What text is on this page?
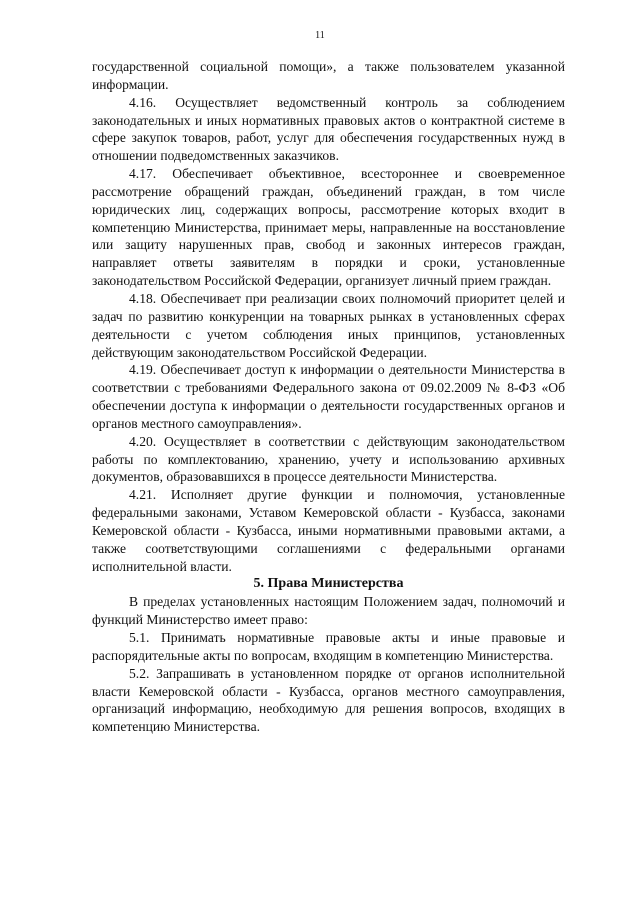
11

государственной социальной помощи», а также пользователем указанной информации.

4.16. Осуществляет ведомственный контроль за соблюдением законодательных и иных нормативных правовых актов о контрактной системе в сфере закупок товаров, работ, услуг для обеспечения государственных нужд в отношении подведомственных заказчиков.

4.17. Обеспечивает объективное, всестороннее и своевременное рассмотрение обращений граждан, объединений граждан, в том числе юридических лиц, содержащих вопросы, рассмотрение которых входит в компетенцию Министерства, принимает меры, направленные на восстановление или защиту нарушенных прав, свобод и законных интересов граждан, направляет ответы заявителям в порядки и сроки, установленные законодательством Российской Федерации, организует личный прием граждан.

4.18. Обеспечивает при реализации своих полномочий приоритет целей и задач по развитию конкуренции на товарных рынках в установленных сферах деятельности с учетом соблюдения иных принципов, установленных действующим законодательством Российской Федерации.

4.19. Обеспечивает доступ к информации о деятельности Министерства в соответствии с требованиями Федерального закона от 09.02.2009 № 8-ФЗ «Об обеспечении доступа к информации о деятельности государственных органов и органов местного самоуправления».

4.20. Осуществляет в соответствии с действующим законодательством работы по комплектованию, хранению, учету и использованию архивных документов, образовавшихся в процессе деятельности Министерства.

4.21. Исполняет другие функции и полномочия, установленные федеральными законами, Уставом Кемеровской области - Кузбасса, законами Кемеровской области - Кузбасса, иными нормативными правовыми актами, а также соответствующими соглашениями с федеральными органами исполнительной власти.

5. Права Министерства

В пределах установленных настоящим Положением задач, полномочий и функций Министерство имеет право:

5.1. Принимать нормативные правовые акты и иные правовые и распорядительные акты по вопросам, входящим в компетенцию Министерства.

5.2. Запрашивать в установленном порядке от органов исполнительной власти Кемеровской области - Кузбасса, органов местного самоуправления, организаций информацию, необходимую для решения вопросов, входящих в компетенцию Министерства.
